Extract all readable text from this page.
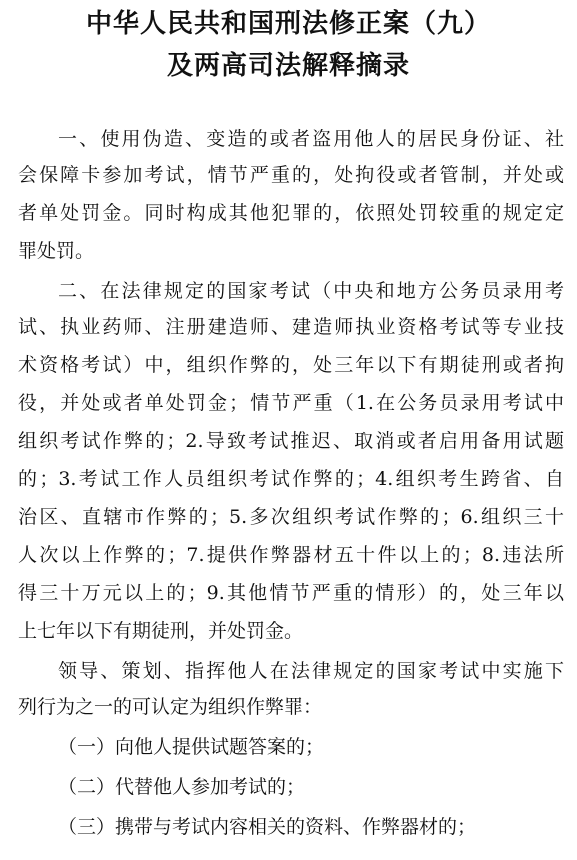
中华人民共和国刑法修正案（九）
及两高司法解释摘录
一、使用伪造、变造的或者盗用他人的居民身份证、社
会保障卡参加考试，情节严重的，处拘役或者管制，并处或
者单处罚金。同时构成其他犯罪的，依照处罚较重的规定定
罪处罚。
二、在法律规定的国家考试（中央和地方公务员录用考
试、执业药师、注册建造师、建造师执业资格考试等专业技
术资格考试）中，组织作弊的，处三年以下有期徒刑或者拘
役，并处或者单处罚金；情节严重（1.在公务员录用考试中
组织考试作弊的；2.导致考试推迟、取消或者启用备用试题
的；3.考试工作人员组织考试作弊的；4.组织考生跨省、自
治区、直辖市作弊的；5.多次组织考试作弊的；6.组织三十
人次以上作弊的；7.提供作弊器材五十件以上的；8.违法所
得三十万元以上的；9.其他情节严重的情形）的，处三年以
上七年以下有期徒刑，并处罚金。
领导、策划、指挥他人在法律规定的国家考试中实施下
列行为之一的可认定为组织作弊罪：
（一）向他人提供试题答案的；
（二）代替他人参加考试的；
（三）携带与考试内容相关的资料、作弊器材的；
